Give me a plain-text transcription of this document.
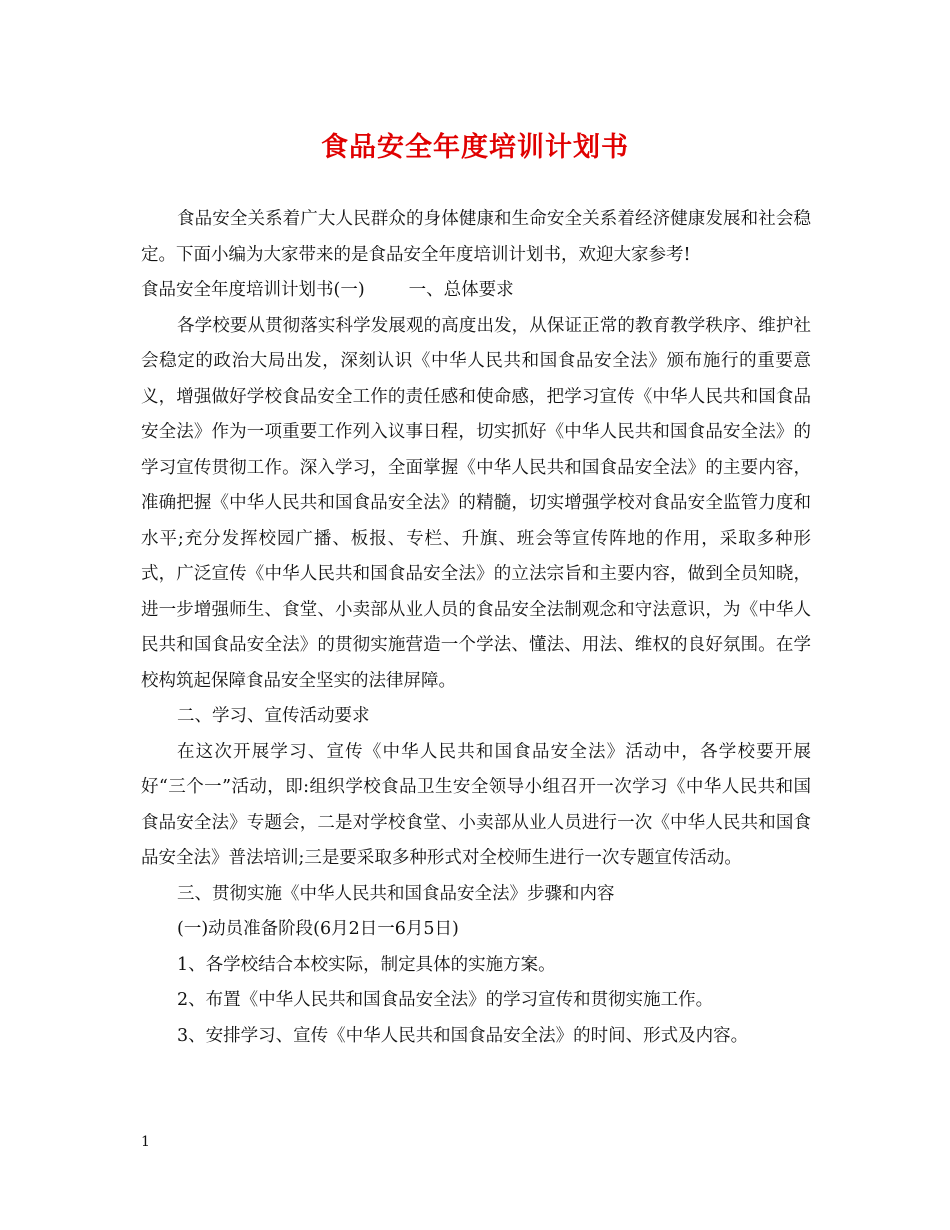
食品安全年度培训计划书

食品安全关系着广大人民群众的身体健康和生命安全关系着经济健康发展和社会稳定。下面小编为大家带来的是食品安全年度培训计划书，欢迎大家参考!

食品安全年度培训计划书(一)	一、总体要求

各学校要从贯彻落实科学发展观的高度出发，从保证正常的教育教学秩序、维护社会稳定的政治大局出发，深刻认识《中华人民共和国食品安全法》颁布施行的重要意义，增强做好学校食品安全工作的责任感和使命感，把学习宣传《中华人民共和国食品安全法》作为一项重要工作列入议事日程，切实抓好《中华人民共和国食品安全法》的学习宣传贯彻工作。深入学习，全面掌握《中华人民共和国食品安全法》的主要内容，准确把握《中华人民共和国食品安全法》的精髓，切实增强学校对食品安全监管力度和水平;充分发挥校园广播、板报、专栏、升旗、班会等宣传阵地的作用，采取多种形式，广泛宣传《中华人民共和国食品安全法》的立法宗旨和主要内容，做到全员知晓，进一步增强师生、食堂、小卖部从业人员的食品安全法制观念和守法意识，为《中华人民共和国食品安全法》的贯彻实施营造一个学法、懂法、用法、维权的良好氛围。在学校构筑起保障食品安全坚实的法律屏障。

二、学习、宣传活动要求

在这次开展学习、宣传《中华人民共和国食品安全法》活动中，各学校要开展好“三个一”活动，即:组织学校食品卫生安全领导小组召开一次学习《中华人民共和国食品安全法》专题会，二是对学校食堂、小卖部从业人员进行一次《中华人民共和国食品安全法》普法培训;三是要采取多种形式对全校师生进行一次专题宣传活动。

三、贯彻实施《中华人民共和国食品安全法》步骤和内容

(一)动员准备阶段(6月2日一6月5日)

1、各学校结合本校实际，制定具体的实施方案。

2、布置《中华人民共和国食品安全法》的学习宣传和贯彻实施工作。

3、安排学习、宣传《中华人民共和国食品安全法》的时间、形式及内容。

1
